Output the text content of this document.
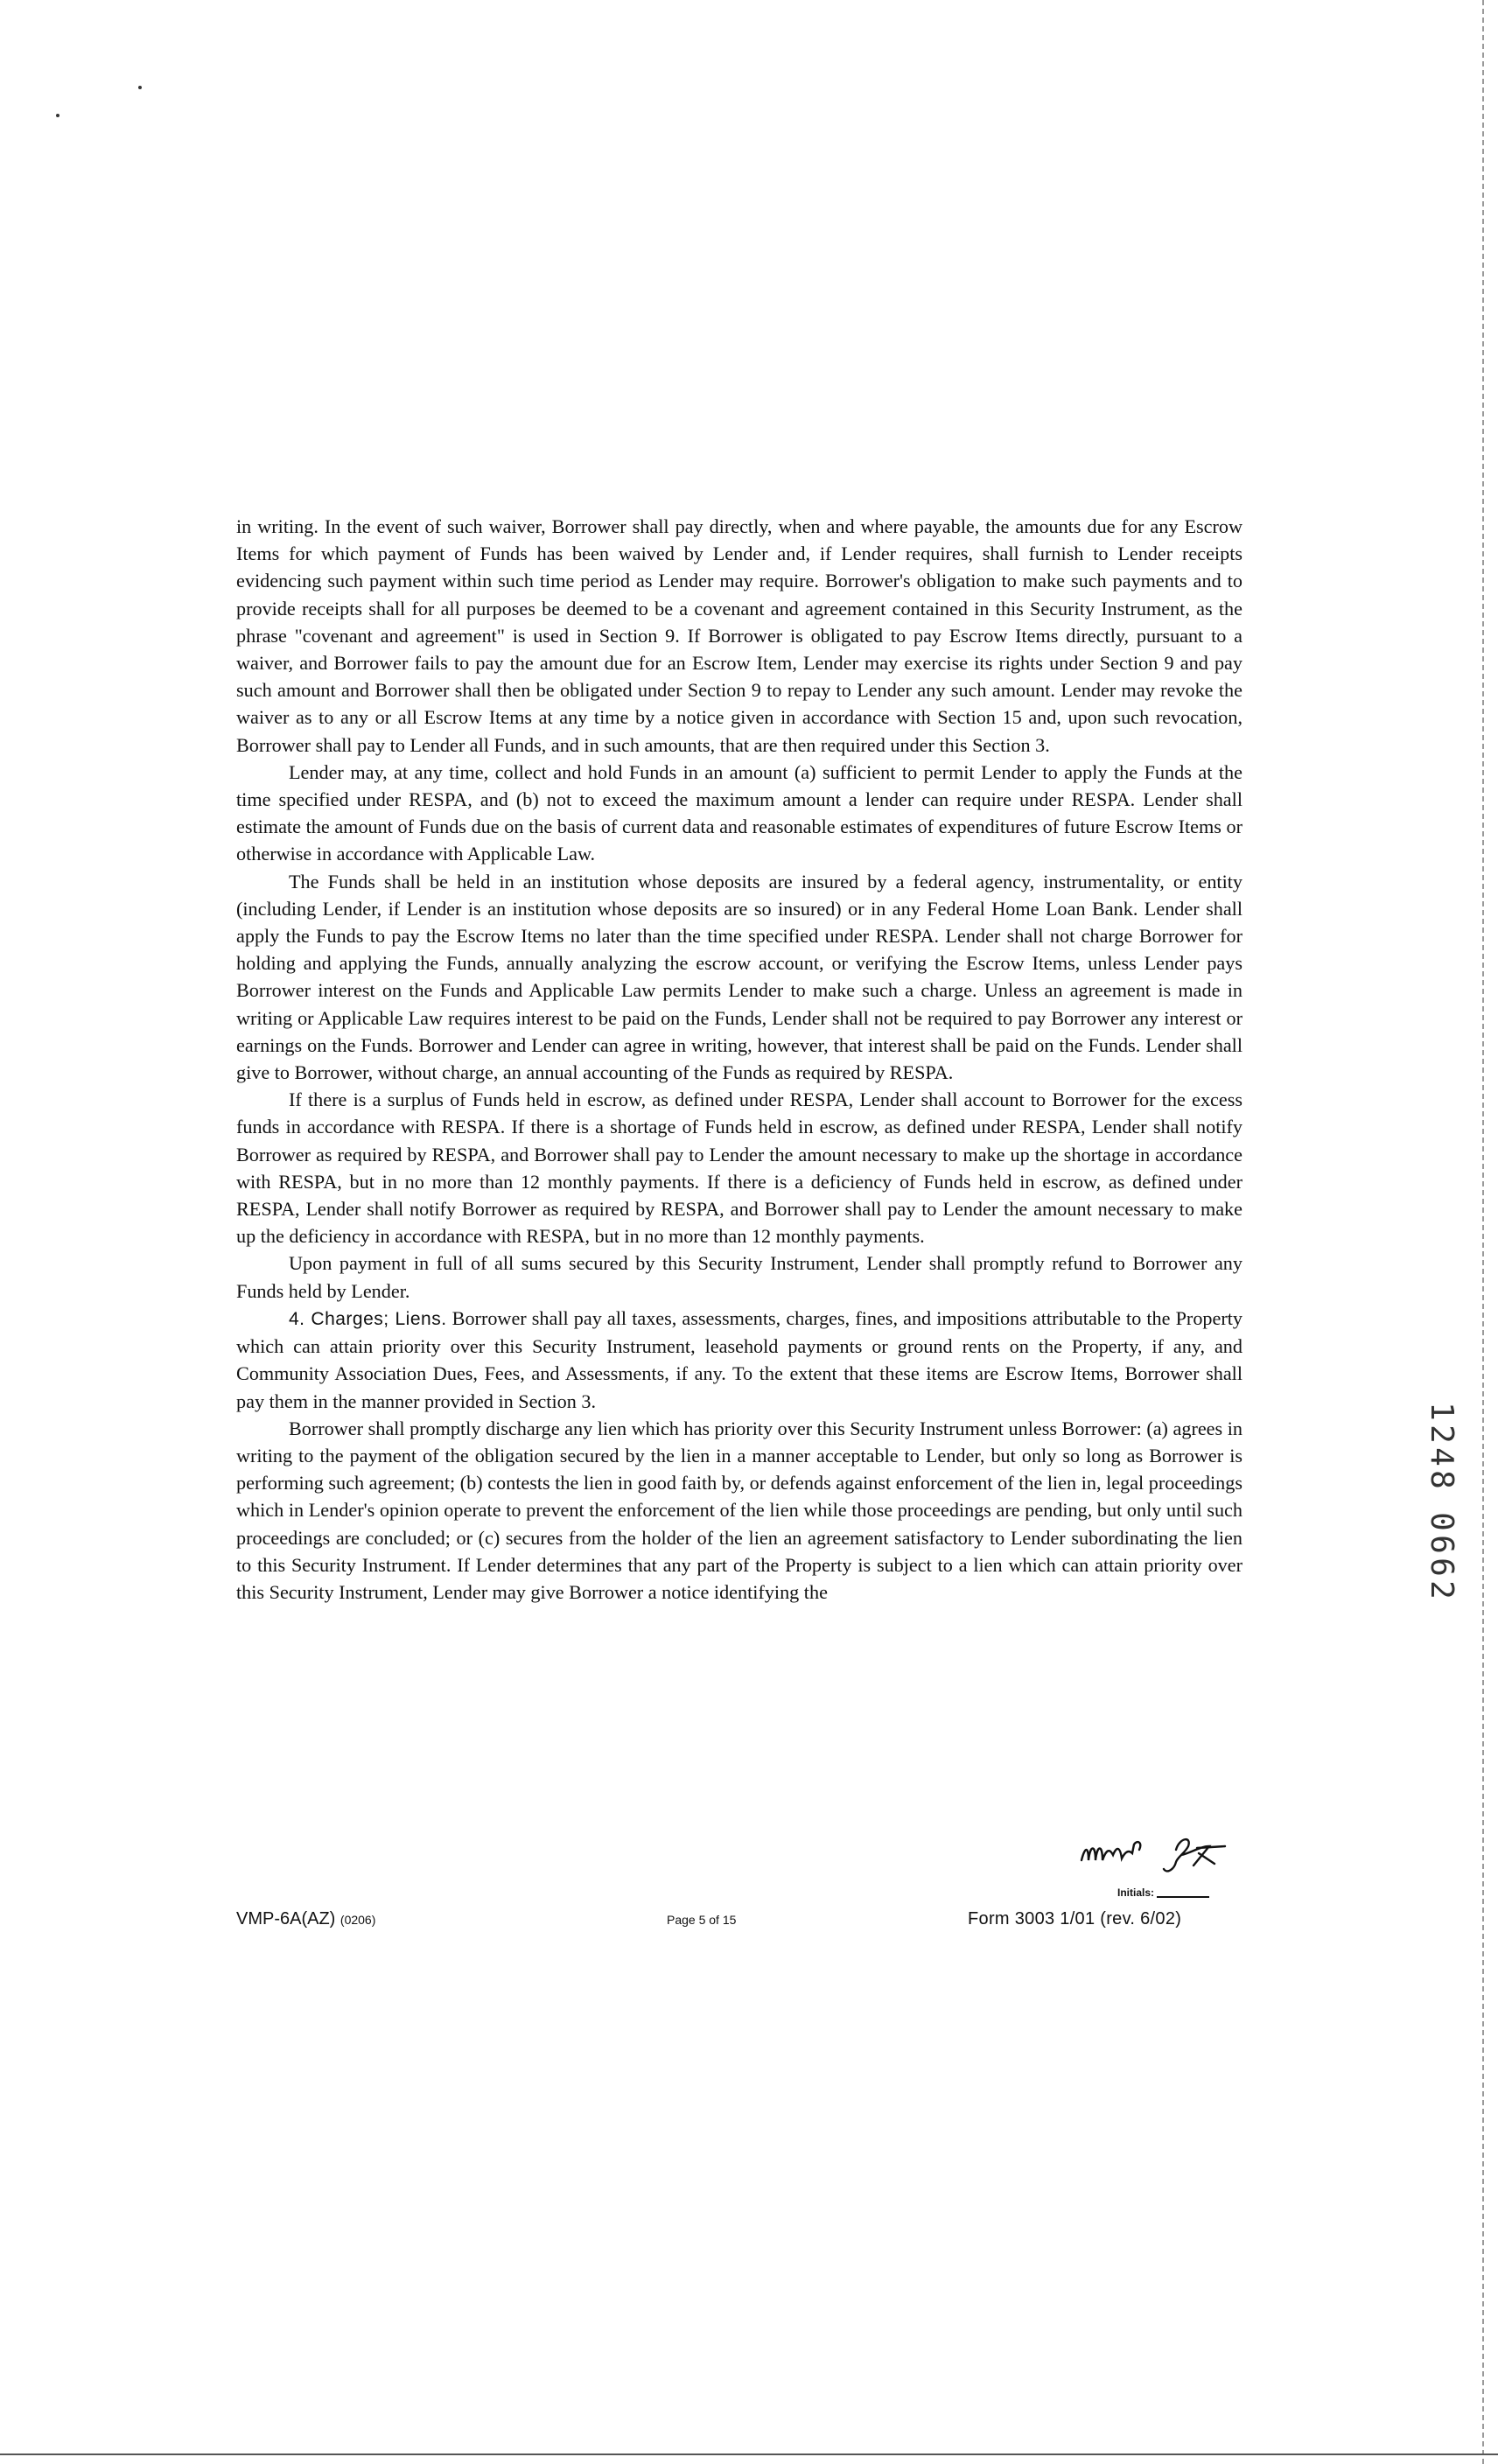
in writing. In the event of such waiver, Borrower shall pay directly, when and where payable, the amounts due for any Escrow Items for which payment of Funds has been waived by Lender and, if Lender requires, shall furnish to Lender receipts evidencing such payment within such time period as Lender may require. Borrower's obligation to make such payments and to provide receipts shall for all purposes be deemed to be a covenant and agreement contained in this Security Instrument, as the phrase "covenant and agreement" is used in Section 9. If Borrower is obligated to pay Escrow Items directly, pursuant to a waiver, and Borrower fails to pay the amount due for an Escrow Item, Lender may exercise its rights under Section 9 and pay such amount and Borrower shall then be obligated under Section 9 to repay to Lender any such amount. Lender may revoke the waiver as to any or all Escrow Items at any time by a notice given in accordance with Section 15 and, upon such revocation, Borrower shall pay to Lender all Funds, and in such amounts, that are then required under this Section 3.

Lender may, at any time, collect and hold Funds in an amount (a) sufficient to permit Lender to apply the Funds at the time specified under RESPA, and (b) not to exceed the maximum amount a lender can require under RESPA. Lender shall estimate the amount of Funds due on the basis of current data and reasonable estimates of expenditures of future Escrow Items or otherwise in accordance with Applicable Law.

The Funds shall be held in an institution whose deposits are insured by a federal agency, instrumentality, or entity (including Lender, if Lender is an institution whose deposits are so insured) or in any Federal Home Loan Bank. Lender shall apply the Funds to pay the Escrow Items no later than the time specified under RESPA. Lender shall not charge Borrower for holding and applying the Funds, annually analyzing the escrow account, or verifying the Escrow Items, unless Lender pays Borrower interest on the Funds and Applicable Law permits Lender to make such a charge. Unless an agreement is made in writing or Applicable Law requires interest to be paid on the Funds, Lender shall not be required to pay Borrower any interest or earnings on the Funds. Borrower and Lender can agree in writing, however, that interest shall be paid on the Funds. Lender shall give to Borrower, without charge, an annual accounting of the Funds as required by RESPA.

If there is a surplus of Funds held in escrow, as defined under RESPA, Lender shall account to Borrower for the excess funds in accordance with RESPA. If there is a shortage of Funds held in escrow, as defined under RESPA, Lender shall notify Borrower as required by RESPA, and Borrower shall pay to Lender the amount necessary to make up the shortage in accordance with RESPA, but in no more than 12 monthly payments. If there is a deficiency of Funds held in escrow, as defined under RESPA, Lender shall notify Borrower as required by RESPA, and Borrower shall pay to Lender the amount necessary to make up the deficiency in accordance with RESPA, but in no more than 12 monthly payments.

Upon payment in full of all sums secured by this Security Instrument, Lender shall promptly refund to Borrower any Funds held by Lender.

4. Charges; Liens. Borrower shall pay all taxes, assessments, charges, fines, and impositions attributable to the Property which can attain priority over this Security Instrument, leasehold payments or ground rents on the Property, if any, and Community Association Dues, Fees, and Assessments, if any. To the extent that these items are Escrow Items, Borrower shall pay them in the manner provided in Section 3.

Borrower shall promptly discharge any lien which has priority over this Security Instrument unless Borrower: (a) agrees in writing to the payment of the obligation secured by the lien in a manner acceptable to Lender, but only so long as Borrower is performing such agreement; (b) contests the lien in good faith by, or defends against enforcement of the lien in, legal proceedings which in Lender's opinion operate to prevent the enforcement of the lien while those proceedings are pending, but only until such proceedings are concluded; or (c) secures from the holder of the lien an agreement satisfactory to Lender subordinating the lien to this Security Instrument. If Lender determines that any part of the Property is subject to a lien which can attain priority over this Security Instrument, Lender may give Borrower a notice identifying the

1
2
4
8
0
6
6
2
Initials:
VMP-6A(AZ) (0206)	Page 5 of 15	Form 3003 1/01 (rev. 6/02)
